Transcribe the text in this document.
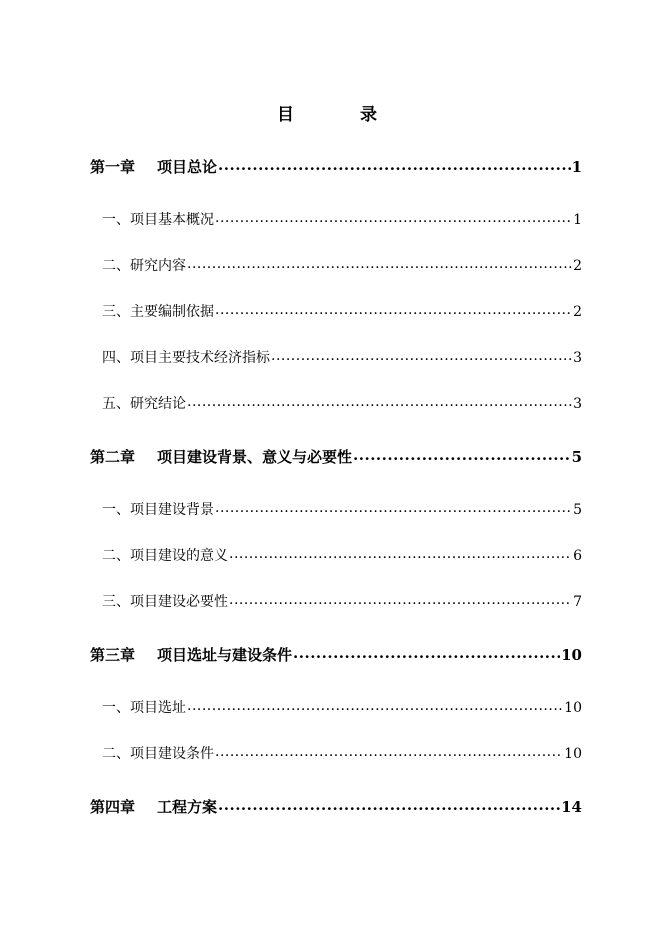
目 录
第一章 项目总论 .....	1
一、项目基本概况 .....	1
二、研究内容 .....	2
三、主要编制依据 .....	2
四、项目主要技术经济指标 .....	3
五、研究结论 .....	3
第二章 项目建设背景、意义与必要性 .....	5
一、项目建设背景 .....	5
二、项目建设的意义 .....	6
三、项目建设必要性 .....	7
第三章 项目选址与建设条件 .....	10
一、项目选址 .....	10
二、项目建设条件 .....	10
第四章 工程方案 .....	14
